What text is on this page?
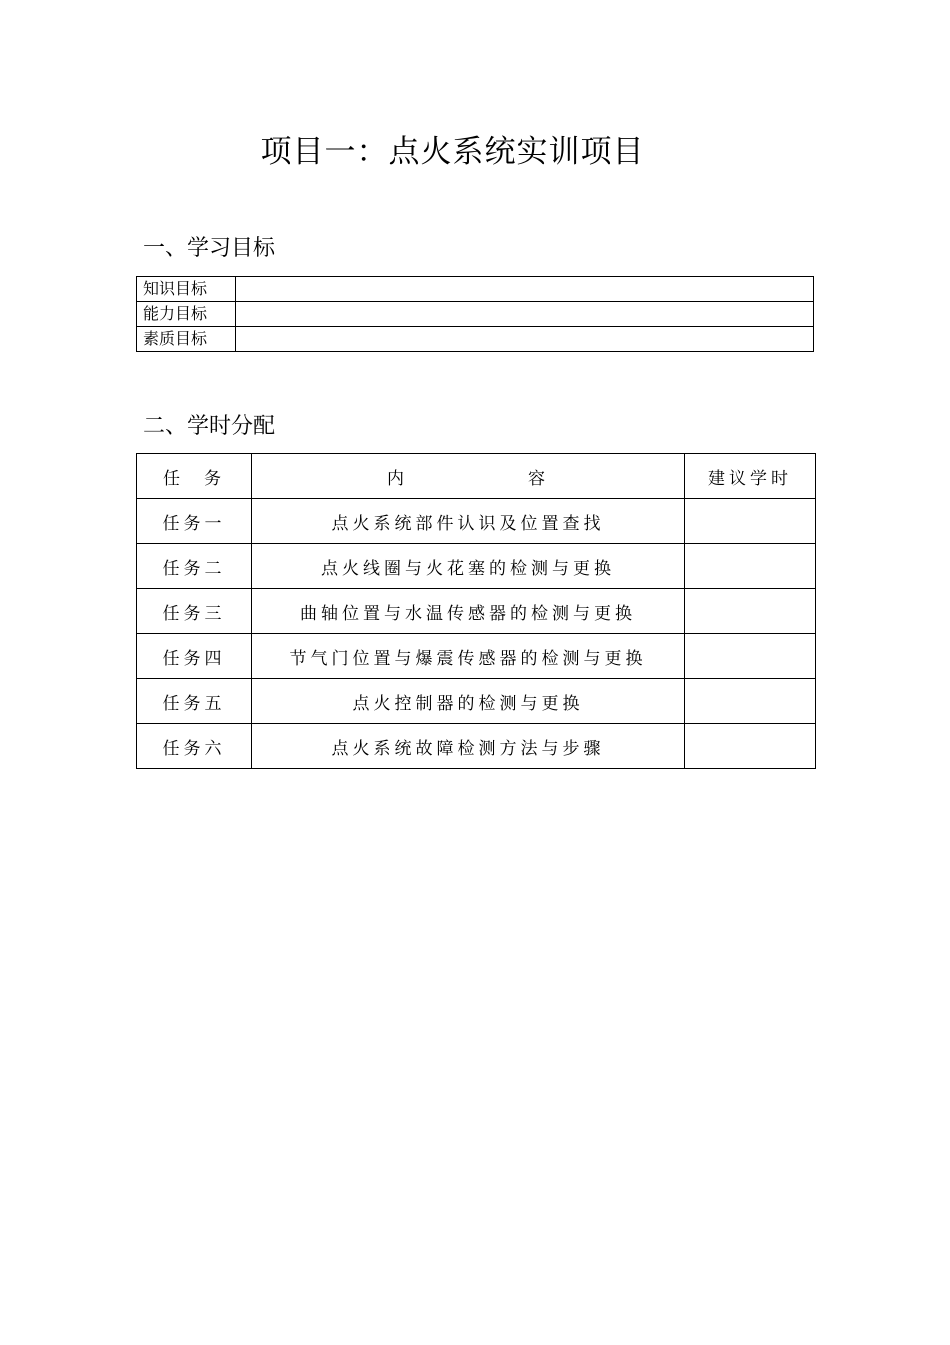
项目一：点火系统实训项目
一、学习目标
知识目标	
能力目标	
素质目标	
二、学时分配
任 务	内 容	建议学时
任务一	点火系统部件认识及位置查找	
任务二	点火线圈与火花塞的检测与更换	
任务三	曲轴位置与水温传感器的检测与更换	
任务四	节气门位置与爆震传感器的检测与更换	
任务五	点火控制器的检测与更换	
任务六	点火系统故障检测方法与步骤	
